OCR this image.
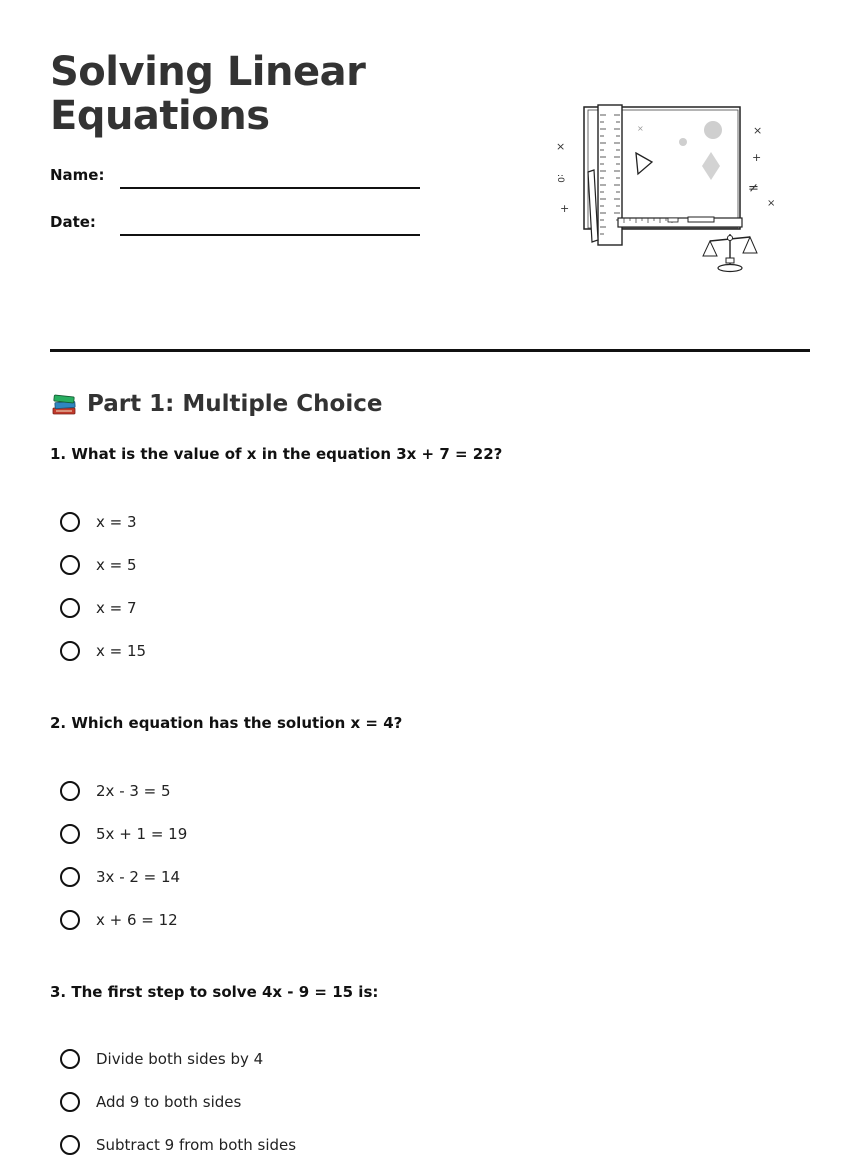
Solving Linear Equations
Name:
Date:
×
×
:0
+
×
+
≠
×
Part 1: Multiple Choice
1. What is the value of x in the equation 3x + 7 = 22?
x = 3
x = 5
x = 7
x = 15
2. Which equation has the solution x = 4?
2x - 3 = 5
5x + 1 = 19
3x - 2 = 14
x + 6 = 12
3. The first step to solve 4x - 9 = 15 is:
Divide both sides by 4
Add 9 to both sides
Subtract 9 from both sides
